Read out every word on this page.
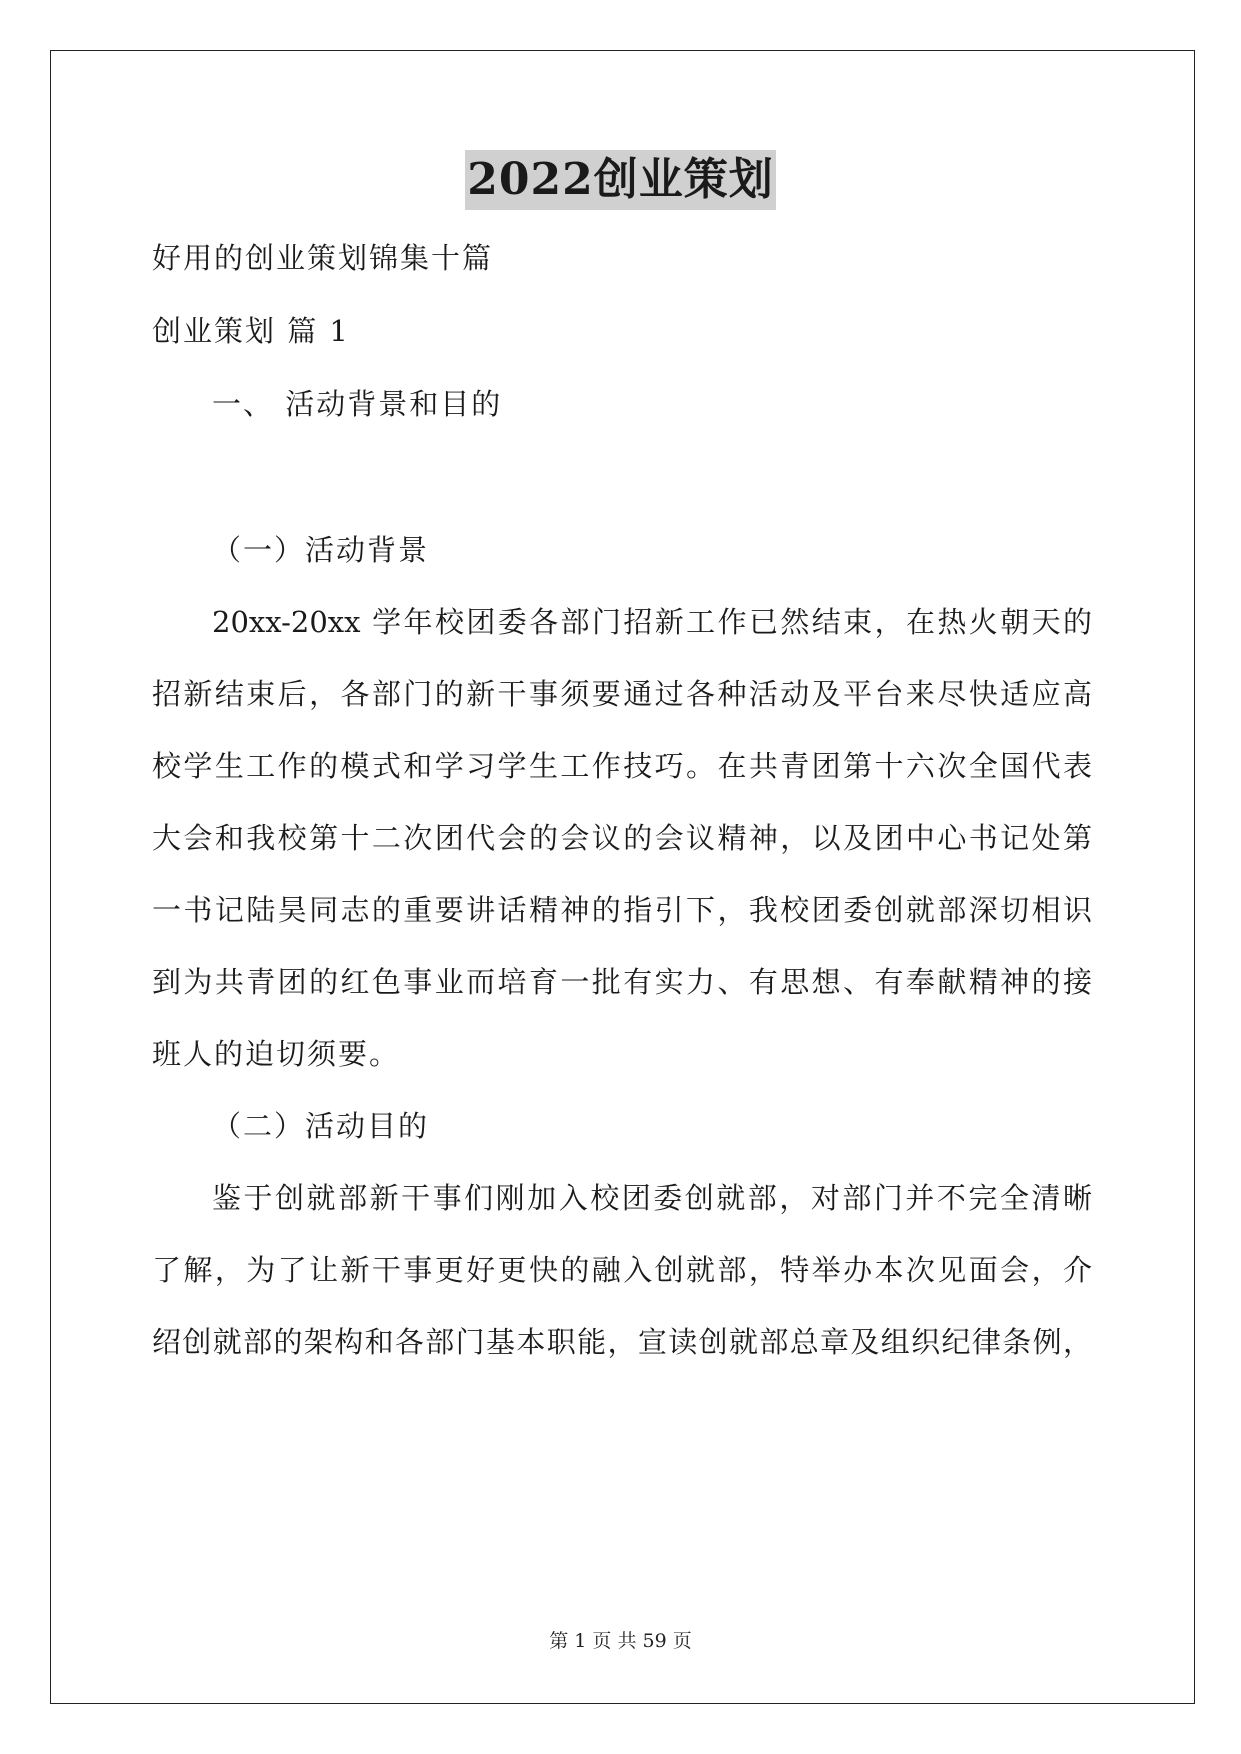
2022创业策划
好用的创业策划锦集十篇
创业策划 篇 1
一、 活动背景和目的
（一）活动背景
20xx-20xx 学年校团委各部门招新工作已然结束，在热火朝天的
招新结束后，各部门的新干事须要通过各种活动及平台来尽快适应高
校学生工作的模式和学习学生工作技巧。在共青团第十六次全国代表
大会和我校第十二次团代会的会议的会议精神，以及团中心书记处第
一书记陆昊同志的重要讲话精神的指引下，我校团委创就部深切相识
到为共青团的红色事业而培育一批有实力、有思想、有奉献精神的接
班人的迫切须要。
（二）活动目的
鉴于创就部新干事们刚加入校团委创就部，对部门并不完全清晰
了解，为了让新干事更好更快的融入创就部，特举办本次见面会，介
绍创就部的架构和各部门基本职能，宣读创就部总章及组织纪律条例，
第 1 页 共 59 页
